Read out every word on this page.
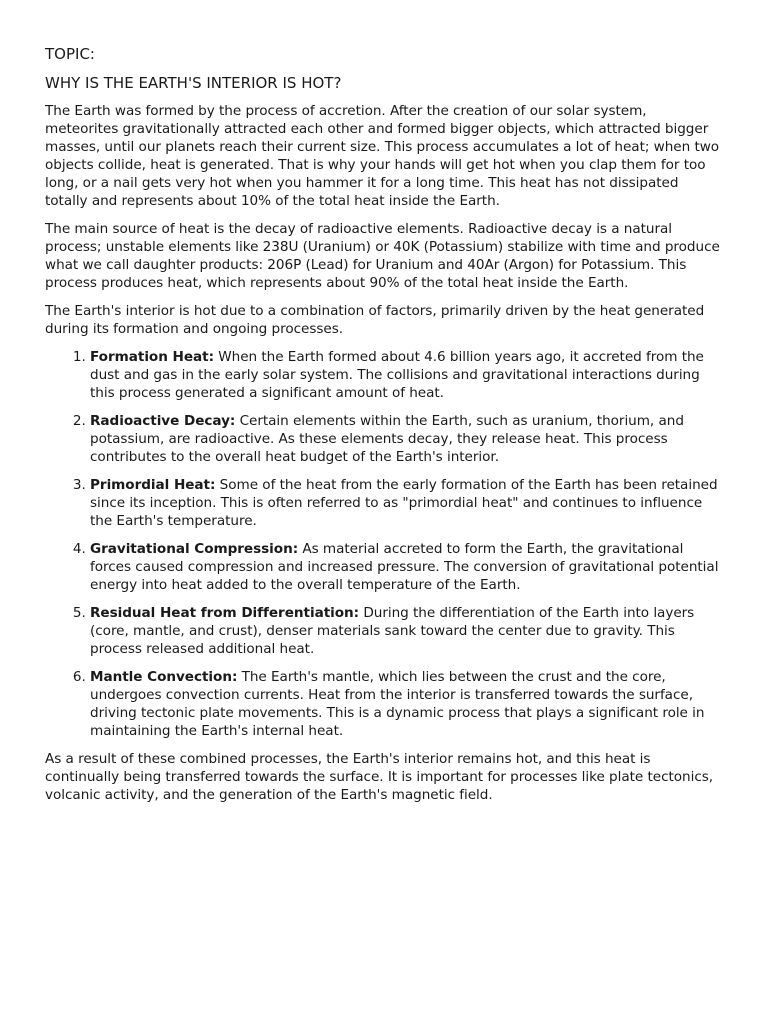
TOPIC:
WHY IS THE EARTH'S INTERIOR IS HOT?

The Earth was formed by the process of accretion. After the creation of our solar system, meteorites gravitationally attracted each other and formed bigger objects, which attracted bigger masses, until our planets reach their current size. This process accumulates a lot of heat; when two objects collide, heat is generated. That is why your hands will get hot when you clap them for too long, or a nail gets very hot when you hammer it for a long time. This heat has not dissipated totally and represents about 10% of the total heat inside the Earth.

The main source of heat is the decay of radioactive elements. Radioactive decay is a natural process; unstable elements like 238U (Uranium) or 40K (Potassium) stabilize with time and produce what we call daughter products: 206P (Lead) for Uranium and 40Ar (Argon) for Potassium. This process produces heat, which represents about 90% of the total heat inside the Earth.

The Earth's interior is hot due to a combination of factors, primarily driven by the heat generated during its formation and ongoing processes.

1. Formation Heat: When the Earth formed about 4.6 billion years ago, it accreted from the dust and gas in the early solar system. The collisions and gravitational interactions during this process generated a significant amount of heat.
2. Radioactive Decay: Certain elements within the Earth, such as uranium, thorium, and potassium, are radioactive. As these elements decay, they release heat. This process contributes to the overall heat budget of the Earth's interior.
3. Primordial Heat: Some of the heat from the early formation of the Earth has been retained since its inception. This is often referred to as "primordial heat" and continues to influence the Earth's temperature.
4. Gravitational Compression: As material accreted to form the Earth, the gravitational forces caused compression and increased pressure. The conversion of gravitational potential energy into heat added to the overall temperature of the Earth.
5. Residual Heat from Differentiation: During the differentiation of the Earth into layers (core, mantle, and crust), denser materials sank toward the center due to gravity. This process released additional heat.
6. Mantle Convection: The Earth's mantle, which lies between the crust and the core, undergoes convection currents. Heat from the interior is transferred towards the surface, driving tectonic plate movements. This is a dynamic process that plays a significant role in maintaining the Earth's internal heat.

As a result of these combined processes, the Earth's interior remains hot, and this heat is continually being transferred towards the surface. It is important for processes like plate tectonics, volcanic activity, and the generation of the Earth's magnetic field.
